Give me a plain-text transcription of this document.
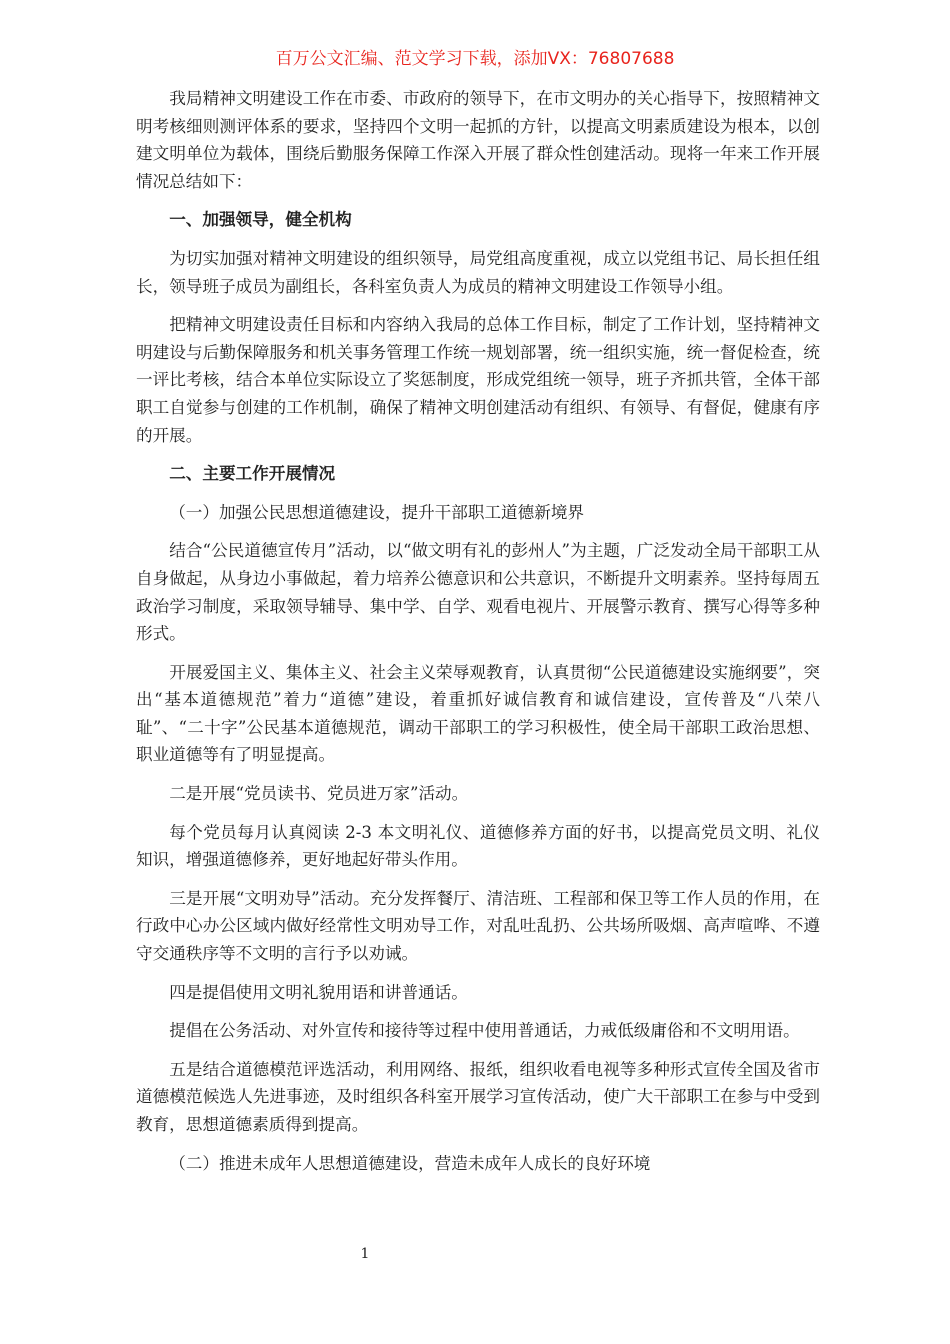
百万公文汇编、范文学习下载，添加VX：76807688

我局精神文明建设工作在市委、市政府的领导下，在市文明办的关心指导下，按照精神文明考核细则测评体系的要求，坚持四个文明一起抓的方针，以提高文明素质建设为根本，以创建文明单位为载体，围绕后勤服务保障工作深入开展了群众性创建活动。现将一年来工作开展情况总结如下：

一、加强领导，健全机构

为切实加强对精神文明建设的组织领导，局党组高度重视，成立以党组书记、局长担任组长，领导班子成员为副组长，各科室负责人为成员的精神文明建设工作领导小组。

把精神文明建设责任目标和内容纳入我局的总体工作目标，制定了工作计划，坚持精神文明建设与后勤保障服务和机关事务管理工作统一规划部署，统一组织实施，统一督促检查，统一评比考核，结合本单位实际设立了奖惩制度，形成党组统一领导，班子齐抓共管，全体干部职工自觉参与创建的工作机制，确保了精神文明创建活动有组织、有领导、有督促，健康有序的开展。

二、主要工作开展情况

（一）加强公民思想道德建设，提升干部职工道德新境界

结合“公民道德宣传月”活动，以“做文明有礼的彭州人”为主题，广泛发动全局干部职工从自身做起，从身边小事做起，着力培养公德意识和公共意识，不断提升文明素养。坚持每周五政治学习制度，采取领导辅导、集中学、自学、观看电视片、开展警示教育、撰写心得等多种形式。

开展爱国主义、集体主义、社会主义荣辱观教育，认真贯彻“公民道德建设实施纲要”，突出“基本道德规范”着力“道德”建设，着重抓好诚信教育和诚信建设，宣传普及“八荣八耻”、“二十字”公民基本道德规范，调动干部职工的学习积极性，使全局干部职工政治思想、职业道德等有了明显提高。

二是开展“党员读书、党员进万家”活动。

每个党员每月认真阅读 2-3 本文明礼仪、道德修养方面的好书，以提高党员文明、礼仪知识，增强道德修养，更好地起好带头作用。

三是开展“文明劝导”活动。充分发挥餐厅、清洁班、工程部和保卫等工作人员的作用，在行政中心办公区域内做好经常性文明劝导工作，对乱吐乱扔、公共场所吸烟、高声喧哗、不遵守交通秩序等不文明的言行予以劝诫。

四是提倡使用文明礼貌用语和讲普通话。

提倡在公务活动、对外宣传和接待等过程中使用普通话，力戒低级庸俗和不文明用语。

五是结合道德模范评选活动，利用网络、报纸，组织收看电视等多种形式宣传全国及省市道德模范候选人先进事迹，及时组织各科室开展学习宣传活动，使广大干部职工在参与中受到教育，思想道德素质得到提高。

（二）推进未成年人思想道德建设，营造未成年人成长的良好环境

1
